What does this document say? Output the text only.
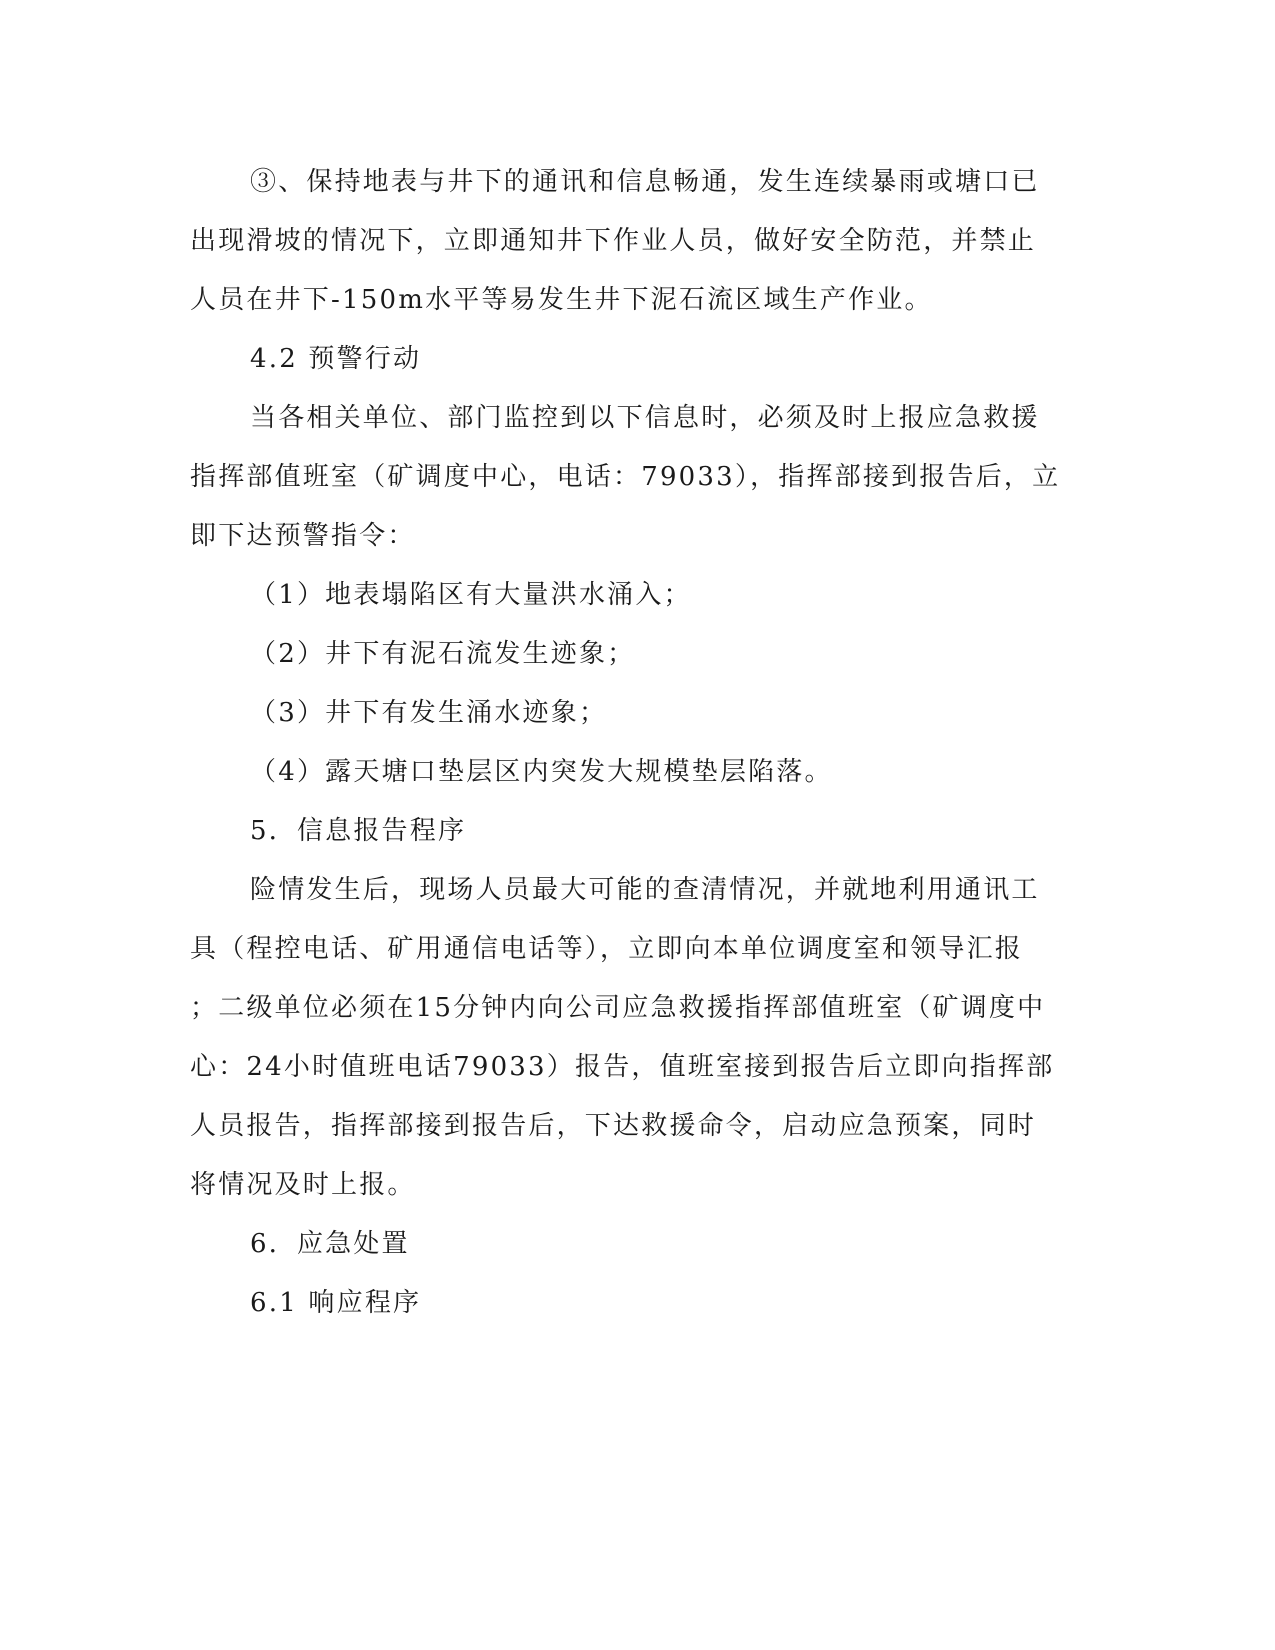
③、保持地表与井下的通讯和信息畅通，发生连续暴雨或塘口已
出现滑坡的情况下，立即通知井下作业人员，做好安全防范，并禁止
人员在井下-150m水平等易发生井下泥石流区域生产作业。
4.2 预警行动
当各相关单位、部门监控到以下信息时，必须及时上报应急救援
指挥部值班室（矿调度中心，电话：79033），指挥部接到报告后，立
即下达预警指令：
（1）地表塌陷区有大量洪水涌入；
（2）井下有泥石流发生迹象；
（3）井下有发生涌水迹象；
（4）露天塘口垫层区内突发大规模垫层陷落。
5．信息报告程序
险情发生后，现场人员最大可能的查清情况，并就地利用通讯工
具（程控电话、矿用通信电话等），立即向本单位调度室和领导汇报
；二级单位必须在15分钟内向公司应急救援指挥部值班室（矿调度中
心：24小时值班电话79033）报告，值班室接到报告后立即向指挥部
人员报告，指挥部接到报告后，下达救援命令，启动应急预案，同时
将情况及时上报。
6．应急处置
6.1 响应程序
